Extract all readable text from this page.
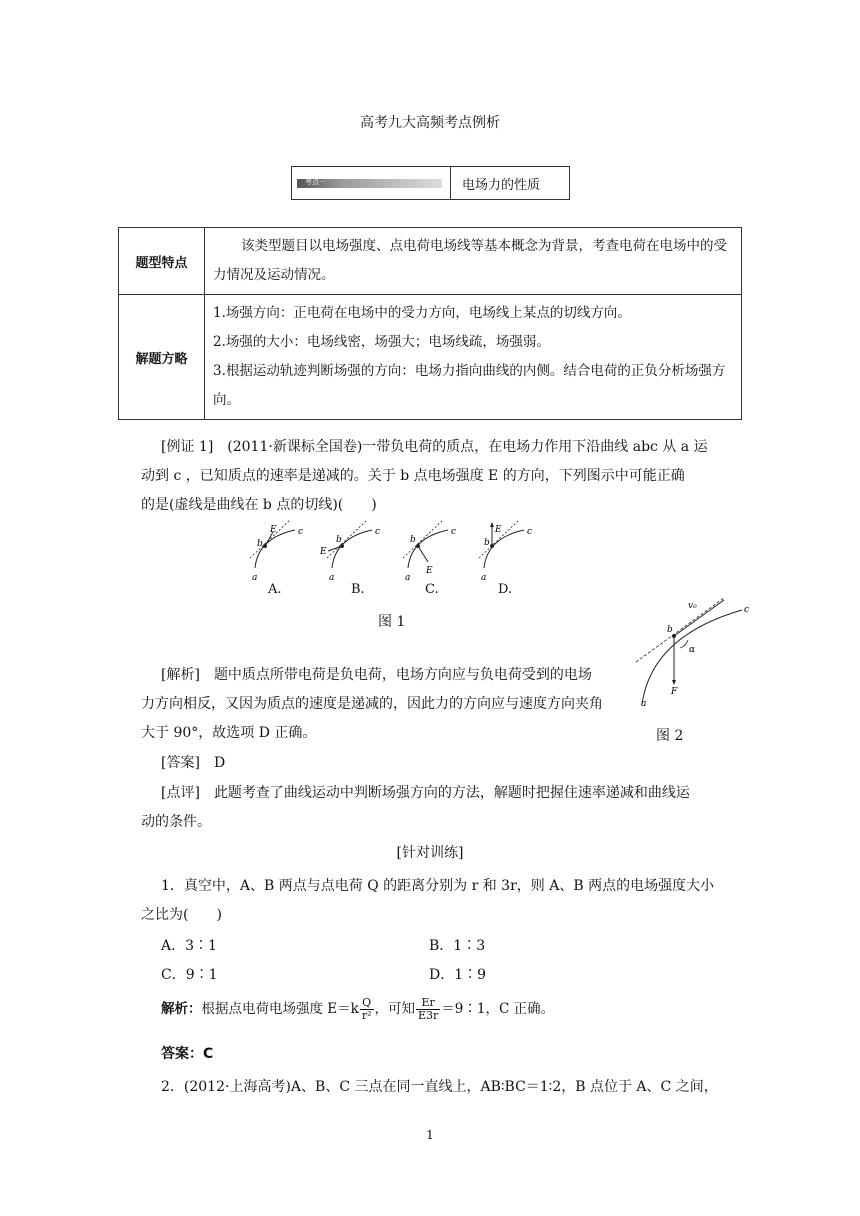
高考九大高频考点例析
考点一	电场力的性质
题型特点	该类型题目以电场强度、点电荷电场线等基本概念为背景，考查电荷在电场中的受力情况及运动情况。

解题方略	1.场强方向：正电荷在电场中的受力方向，电场线上某点的切线方向。
2.场强的大小：电场线密，场强大；电场线疏，场强弱。
3.根据运动轨迹判断场强的方向：电场力指向曲线的内侧。结合电荷的正负分析场强方向。
[例证 1]　 (2011·新课标全国卷)一带负电荷的质点，在电场力作用下沿曲线 abc 从 a 运
动到 c ，已知质点的速率是递减的。关于 b 点电场强度 E 的方向，下列图示中可能正确
的是(虚线是曲线在 b 点的切线)(　　)
E
b
c
a
E
b
c
a
E
b
c
a
E
b
c
a
A.	B.	C.	D.
图 1
v₀
b
c
α
F
a
[解析]　 题中质点所带电荷是负电荷，电场方向应与负电荷受到的电场
力方向相反，又因为质点的速度是递减的，因此力的方向应与速度方向夹角
大于 90°，故选项 D 正确。	图 2
[答案]　 D
[点评]　 此题考查了曲线运动中判断场强方向的方法，解题时把握住速率递减和曲线运
动的条件。
[针对训练]
1．真空中，A、B 两点与点电荷 Q 的距离分别为 r 和 3r，则 A、B 两点的电场强度大小
之比为(　　)
A．3∶1	B．1∶3
C．9∶1	D．1∶9
解析：根据点电荷电场强度 $E=k \frac{Q}{\text{r²}}$ ，可知 $\frac{Er}{E3r}$ ＝9∶1，C 正确。
答案：C
2．(2012·上海高考)A、B、C 三点在同一直线上，AB∶BC＝1∶2，B 点位于 A、C 之间，
1
